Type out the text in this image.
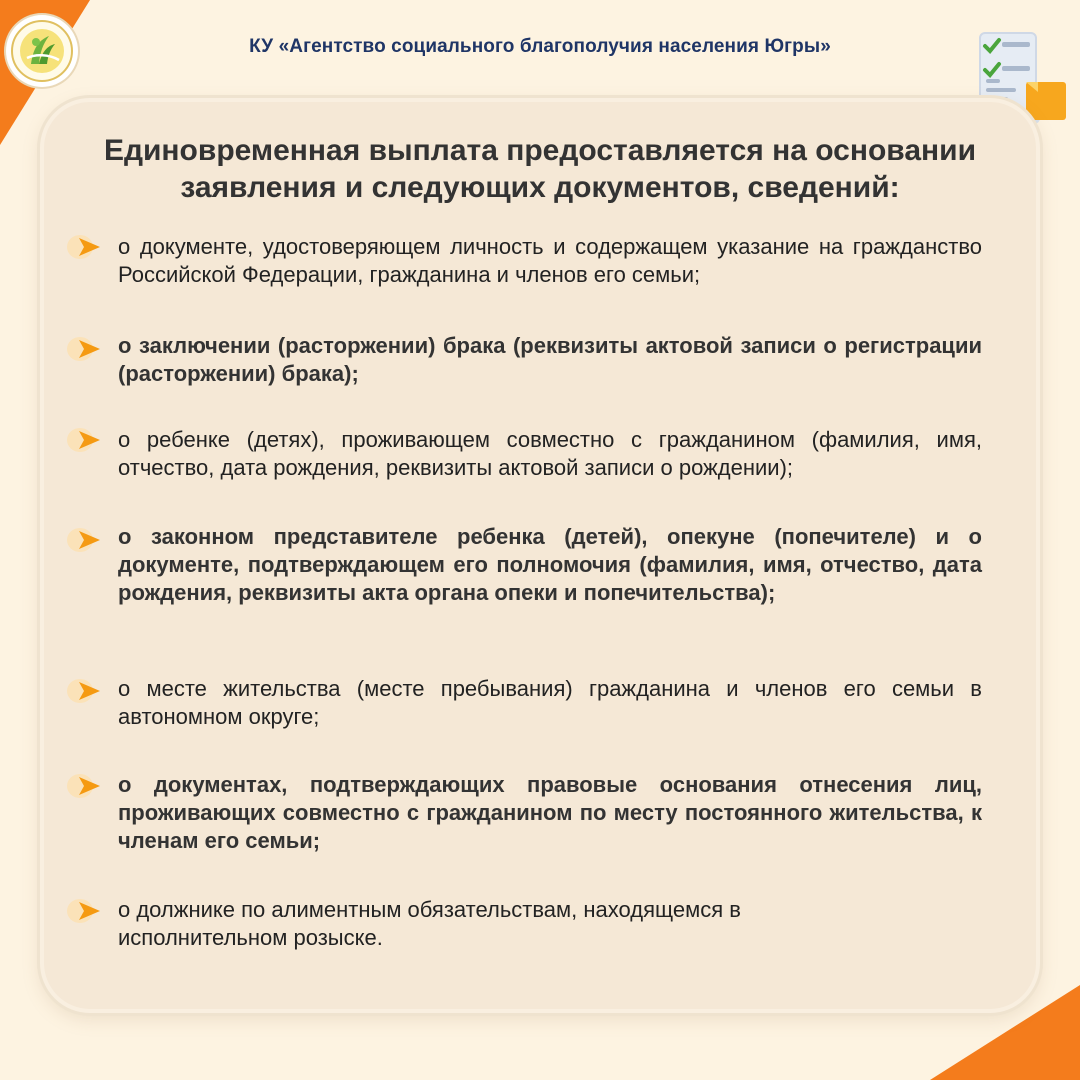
КУ «Агентство социального благополучия населения Югры»
Единовременная выплата предоставляется на основании заявления и следующих документов, сведений:
о документе, удостоверяющем личность и содержащем указание на гражданство Российской Федерации, гражданина и членов его семьи;
о заключении (расторжении) брака (реквизиты актовой записи о регистрации (расторжении) брака);
о ребенке (детях), проживающем совместно с гражданином (фамилия, имя, отчество, дата рождения, реквизиты актовой записи о рождении);
о законном представителе ребенка (детей), опекуне (попечителе) и о документе, подтверждающем его полномочия (фамилия, имя, отчество, дата рождения, реквизиты акта органа опеки и попечительства);
о месте жительства (месте пребывания) гражданина и членов его семьи в автономном округе;
о документах, подтверждающих правовые основания отнесения лиц, проживающих совместно с гражданином по месту постоянного жительства, к членам его семьи;
о должнике по алиментным обязательствам, находящемся в исполнительном розыске.
